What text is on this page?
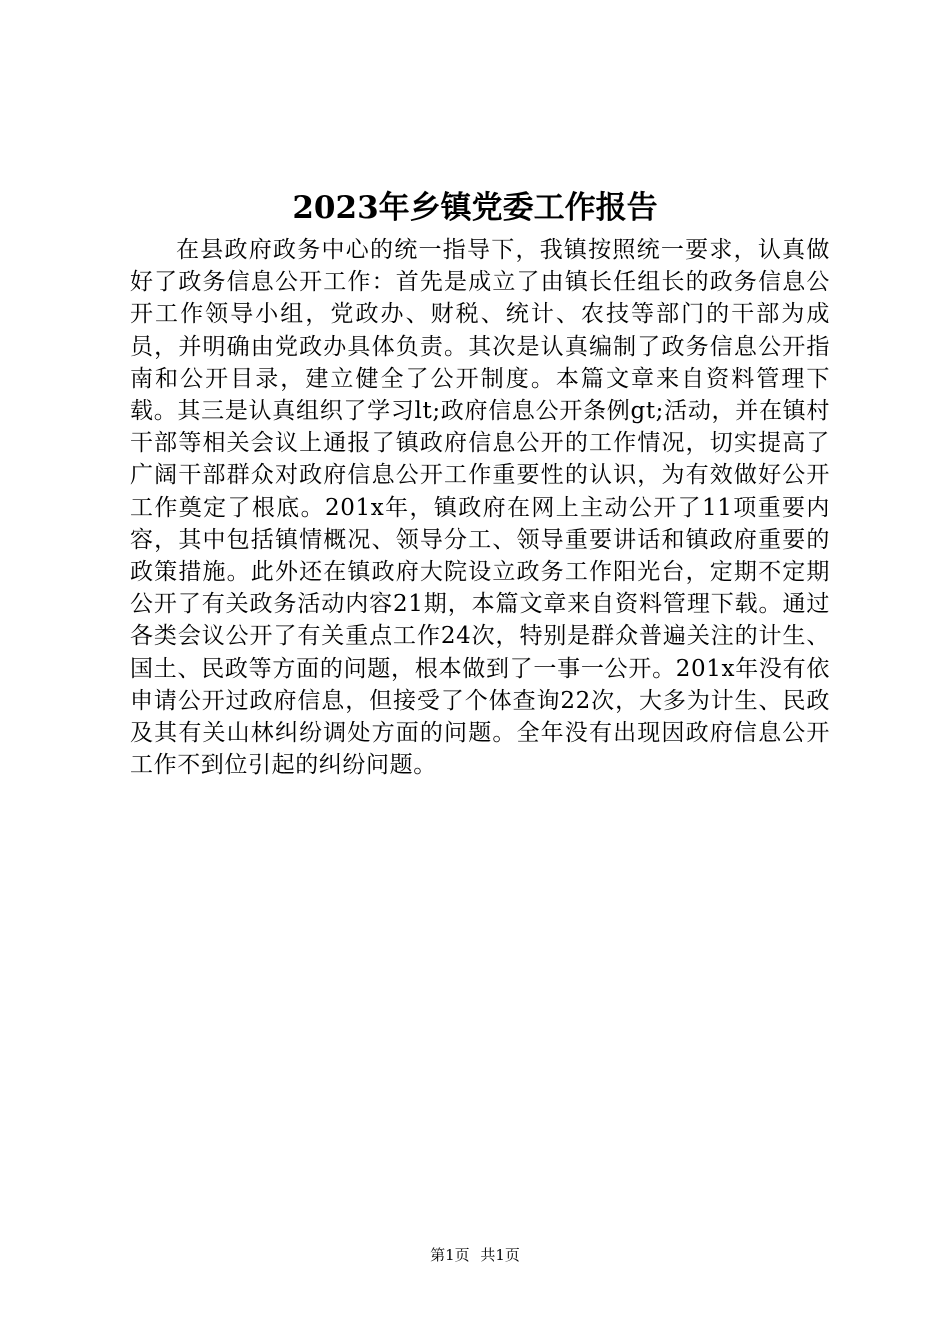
2023年乡镇党委工作报告

在县政府政务中心的统一指导下，我镇按照统一要求，认真做好了政务信息公开工作：首先是成立了由镇长任组长的政务信息公开工作领导小组，党政办、财税、统计、农技等部门的干部为成员，并明确由党政办具体负责。其次是认真编制了政务信息公开指南和公开目录，建立健全了公开制度。本篇文章来自资料管理下载。其三是认真组织了学习lt;政府信息公开条例gt;活动，并在镇村干部等相关会议上通报了镇政府信息公开的工作情况，切实提高了广阔干部群众对政府信息公开工作重要性的认识，为有效做好公开工作奠定了根底。201x年，镇政府在网上主动公开了11项重要内容，其中包括镇情概况、领导分工、领导重要讲话和镇政府重要的政策措施。此外还在镇政府大院设立政务工作阳光台，定期不定期公开了有关政务活动内容21期，本篇文章来自资料管理下载。通过各类会议公开了有关重点工作24次，特别是群众普遍关注的计生、国土、民政等方面的问题，根本做到了一事一公开。201x年没有依申请公开过政府信息，但接受了个体查询22次，大多为计生、民政及其有关山林纠纷调处方面的问题。全年没有出现因政府信息公开工作不到位引起的纠纷问题。

第1页 共1页
